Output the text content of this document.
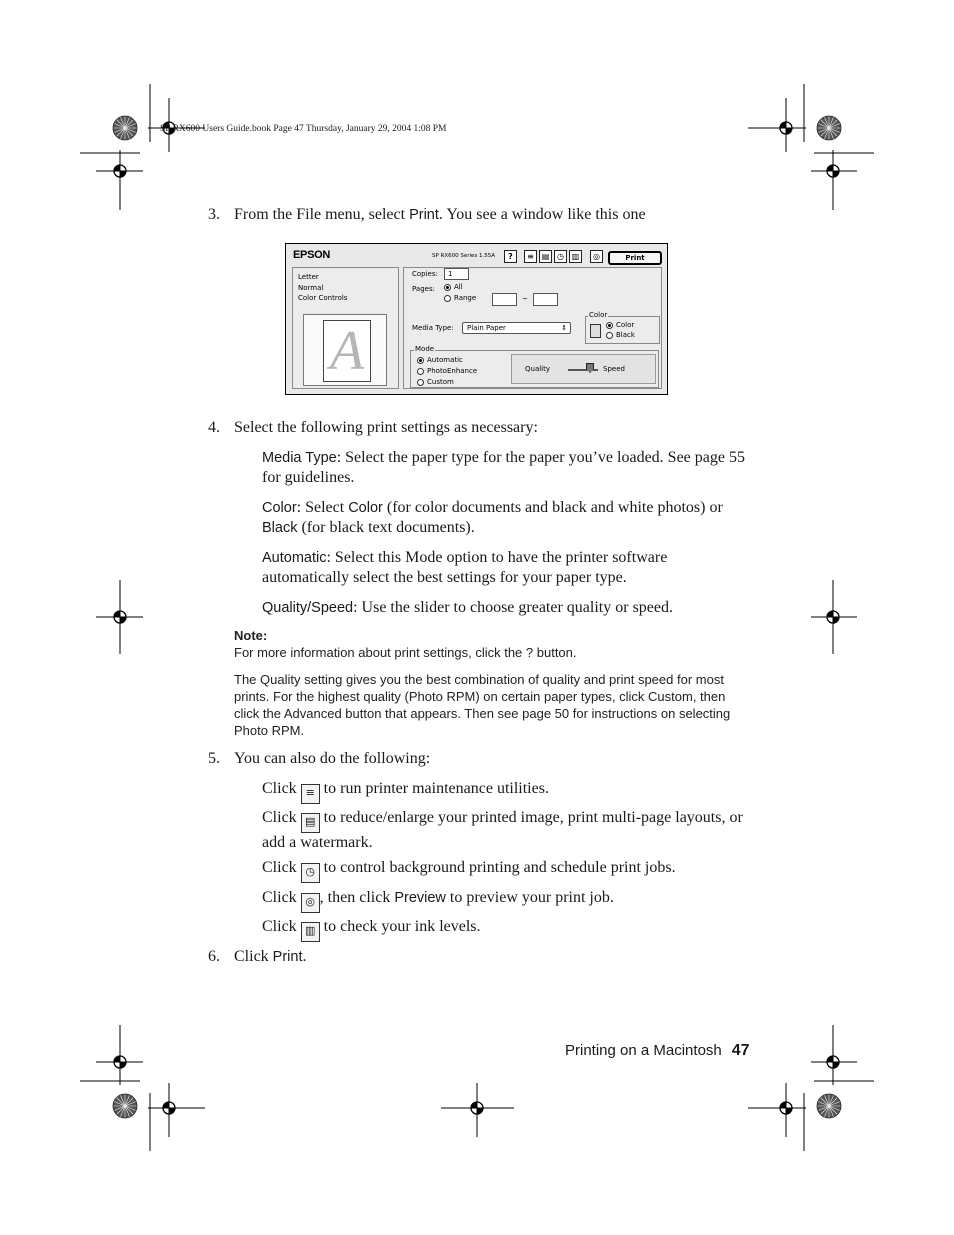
SP RX600 Users Guide.book Page 47 Thursday, January 29, 2004 1:08 PM
3. From the File menu, select Print. You see a window like this one
EPSON	SP RX600 Series 1.55A	?	≡ ▤ ◷ ▥	◎	Print
Letter
Normal
Color Controls
A
Copies:	1
Pages:	All
Range	~
Media Type:	Plain Paper	⇕
Color
Color
Black
Mode
Automatic
PhotoEnhance
Custom
Quality	Speed
4. Select the following print settings as necessary:
Media Type: Select the paper type for the paper you’ve loaded. See page 55 for guidelines.
Color: Select Color (for color documents and black and white photos) or Black (for black text documents).
Automatic: Select this Mode option to have the printer software automatically select the best settings for your paper type.
Quality/Speed: Use the slider to choose greater quality or speed.
Note:
For more information about print settings, click the ? button.
The Quality setting gives you the best combination of quality and print speed for most prints. For the highest quality (Photo RPM) on certain paper types, click Custom, then click the Advanced button that appears. Then see page 50 for instructions on selecting Photo RPM.
5. You can also do the following:
Click ≡ to run printer maintenance utilities.
Click ▤ to reduce/enlarge your printed image, print multi-page layouts, or add a watermark.
Click ◷ to control background printing and schedule print jobs.
Click ◎ , then click Preview to preview your print job.
Click ▥ to check your ink levels.
6. Click Print.
Printing on a Macintosh 47
